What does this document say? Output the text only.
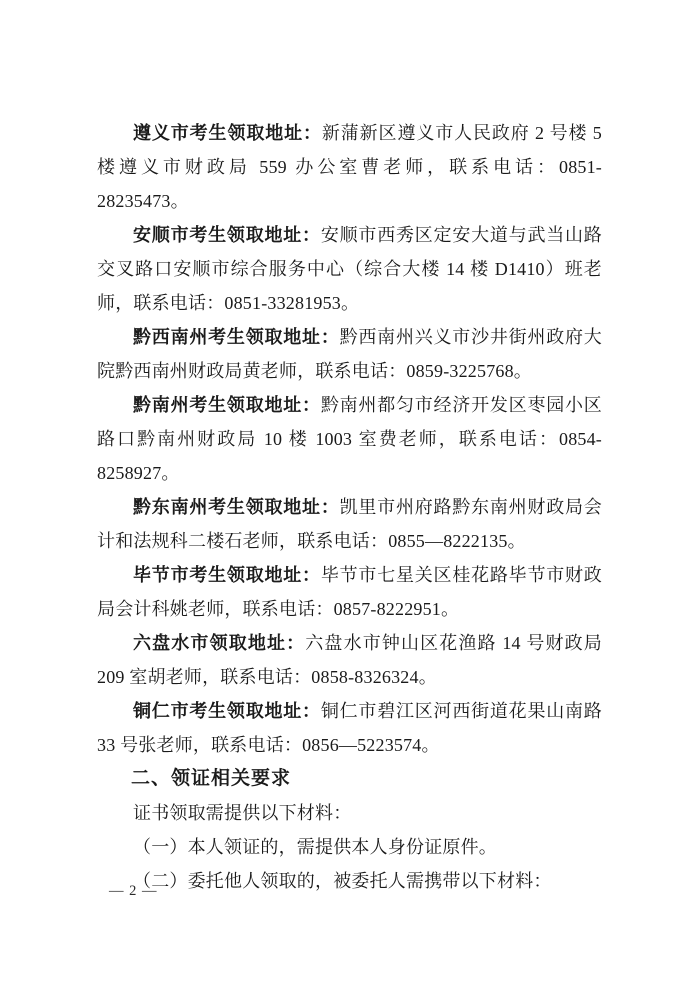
遵义市考生领取地址：新蒲新区遵义市人民政府 2 号楼 5 楼遵义市财政局 559 办公室曹老师，联系电话：0851-28235473。

安顺市考生领取地址：安顺市西秀区定安大道与武当山路交叉路口安顺市综合服务中心（综合大楼 14 楼 D1410）班老师，联系电话：0851-33281953。

黔西南州考生领取地址：黔西南州兴义市沙井街州政府大院黔西南州财政局黄老师，联系电话：0859-3225768。

黔南州考生领取地址：黔南州都匀市经济开发区枣园小区路口黔南州财政局 10 楼 1003 室费老师，联系电话：0854-8258927。

黔东南州考生领取地址：凯里市州府路黔东南州财政局会计和法规科二楼石老师，联系电话：0855—8222135。

毕节市考生领取地址：毕节市七星关区桂花路毕节市财政局会计科姚老师，联系电话：0857-8222951。

六盘水市领取地址：六盘水市钟山区花渔路 14 号财政局 209 室胡老师，联系电话：0858-8326324。

铜仁市考生领取地址：铜仁市碧江区河西街道花果山南路 33 号张老师，联系电话：0856—5223574。

二、领证相关要求

证书领取需提供以下材料：

（一）本人领证的，需提供本人身份证原件。

（二）委托他人领取的，被委托人需携带以下材料：

— 2 —
